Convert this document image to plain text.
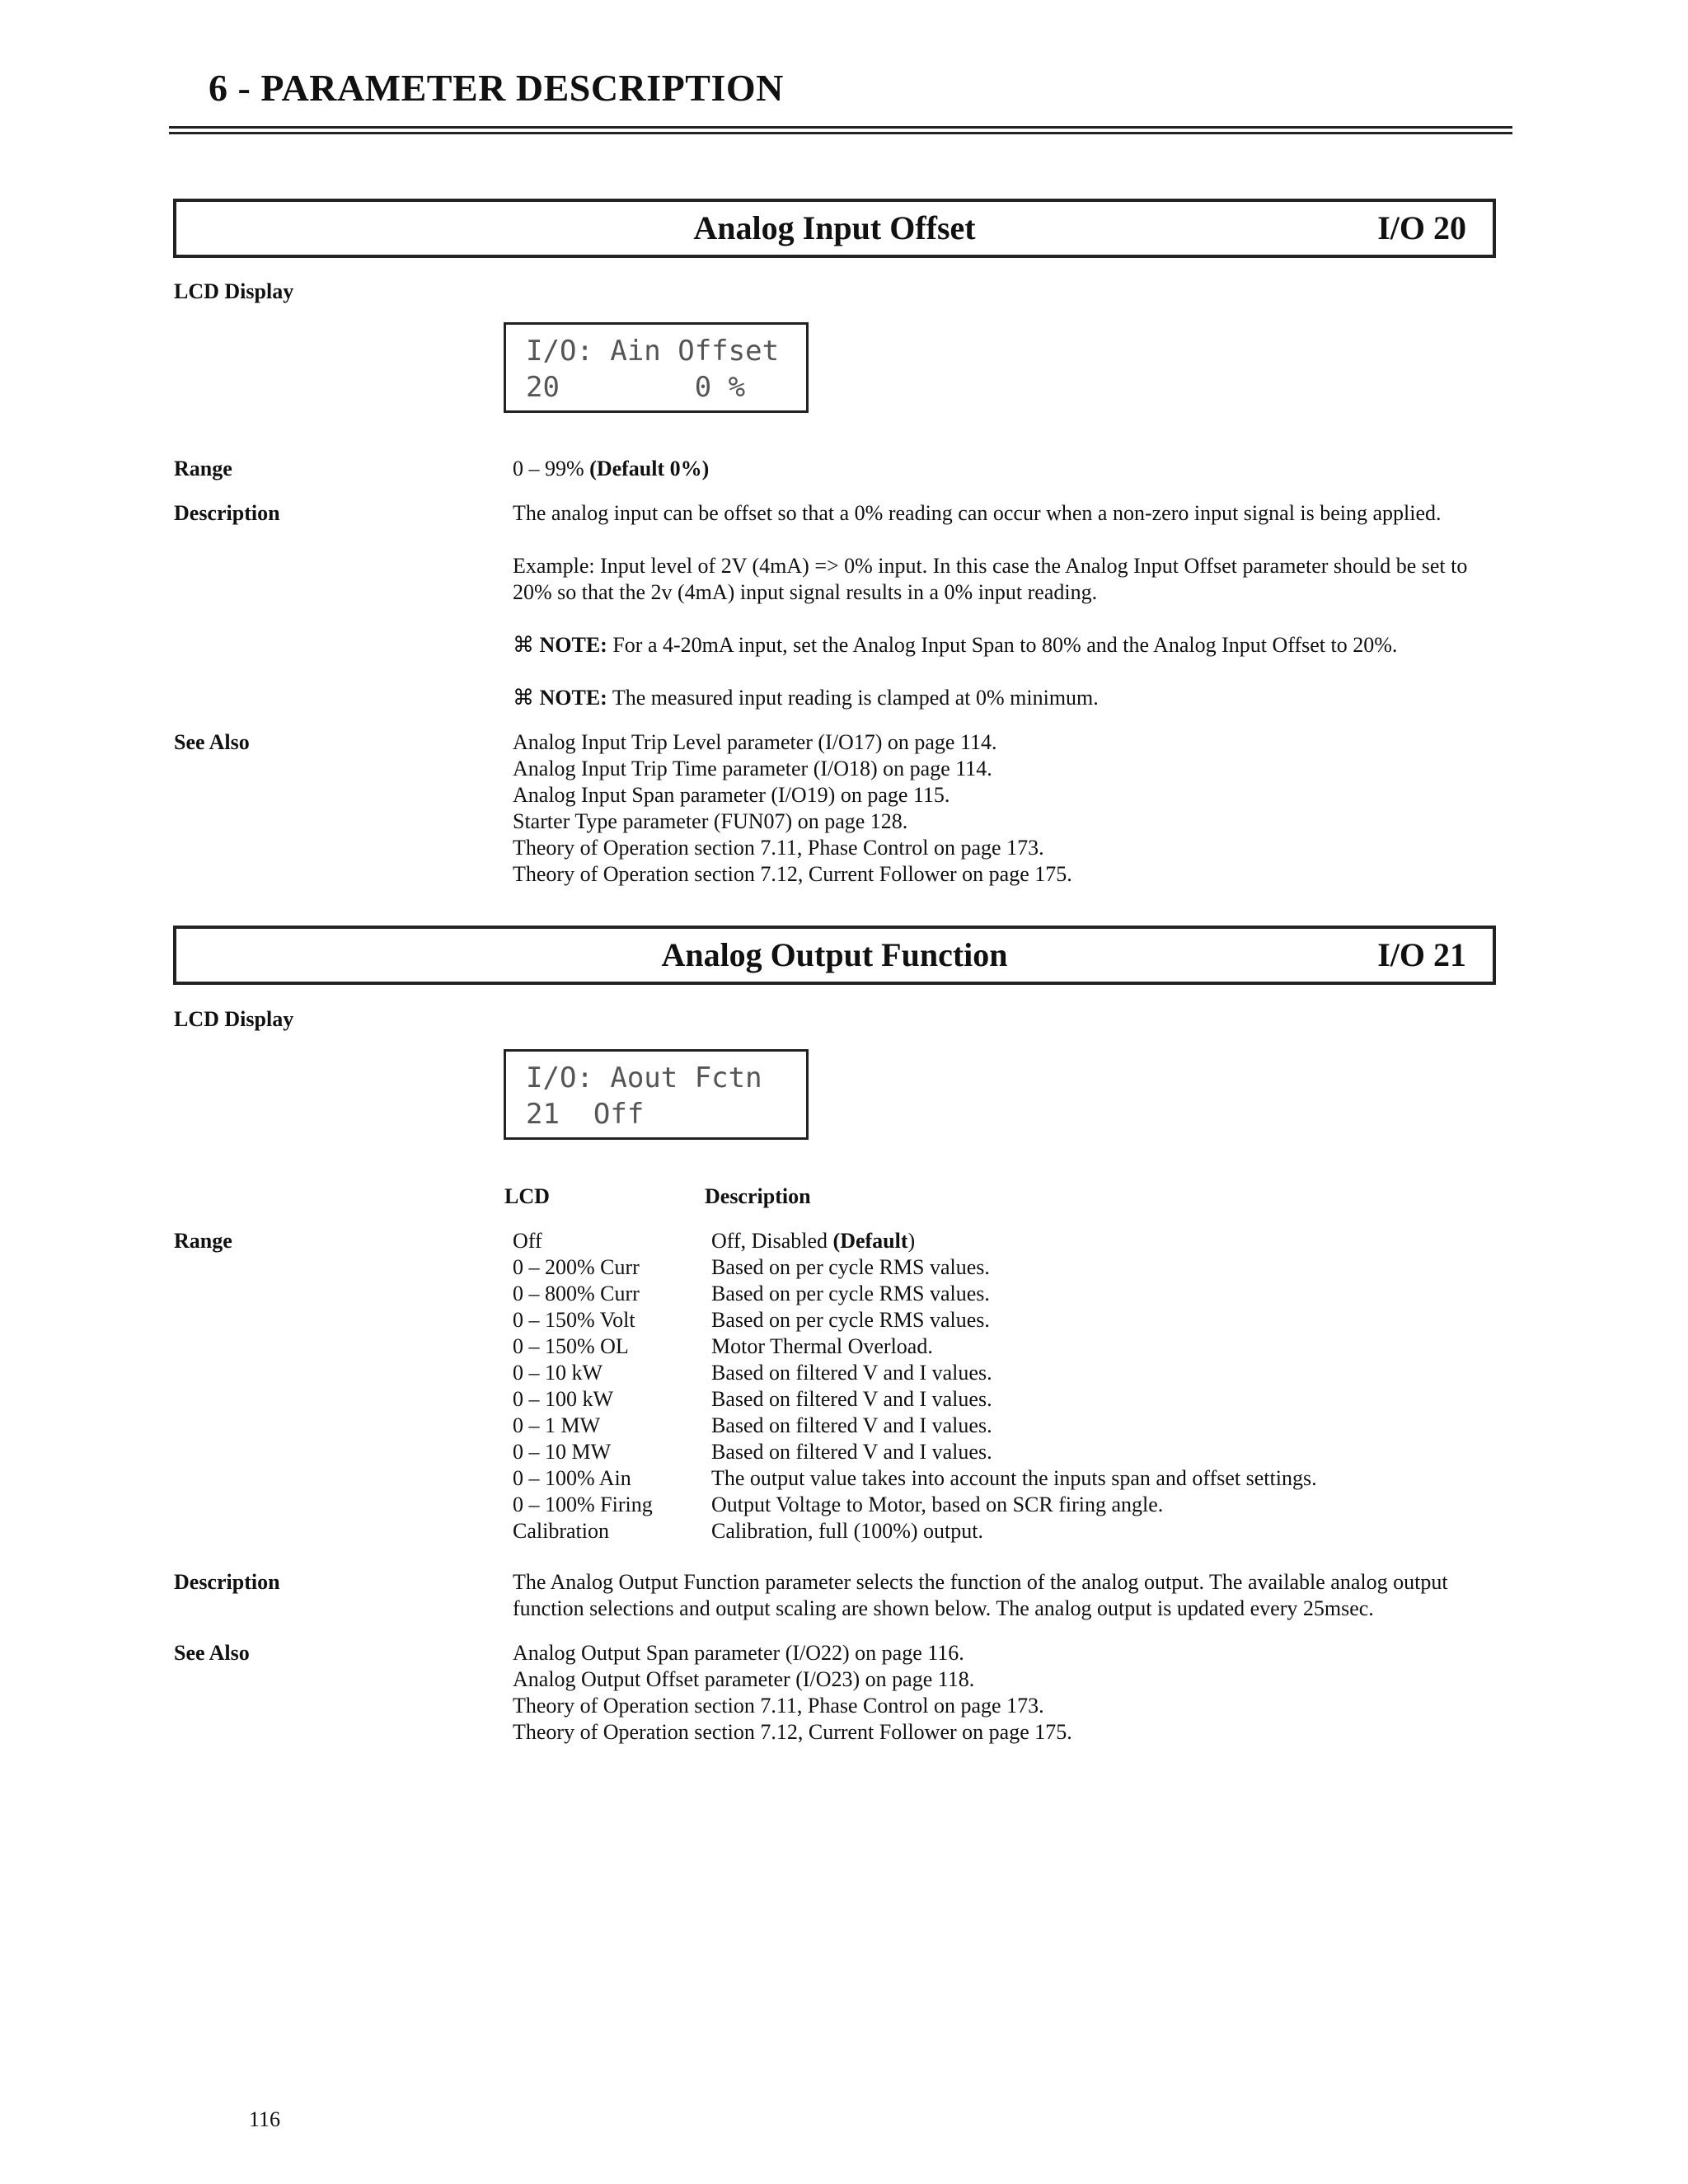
6 - PARAMETER DESCRIPTION
Analog Input Offset	I/O 20
LCD Display
I/O: Ain Offset
20        0 %
Range	0 – 99% (Default 0%)
Description	The analog input can be offset so that a 0% reading can occur when a non-zero input signal is being applied.
Example: Input level of 2V (4mA) => 0% input. In this case the Analog Input Offset parameter should be set to 20% so that the 2v (4mA) input signal results in a 0% input reading.
⌘ NOTE: For a 4-20mA input, set the Analog Input Span to 80% and the Analog Input Offset to 20%.
⌘ NOTE: The measured input reading is clamped at 0% minimum.
See Also	Analog Input Trip Level parameter (I/O17) on page 114.
Analog Input Trip Time parameter (I/O18) on page 114.
Analog Input Span parameter (I/O19) on page 115.
Starter Type parameter (FUN07) on page 128.
Theory of Operation section 7.11, Phase Control on page 173.
Theory of Operation section 7.12, Current Follower on page 175.
Analog Output Function	I/O 21
LCD Display
I/O: Aout Fctn
21  Off
LCD	Description
Range	Off	Off, Disabled (Default)
0 – 200% Curr	Based on per cycle RMS values.
0 – 800% Curr	Based on per cycle RMS values.
0 – 150% Volt	Based on per cycle RMS values.
0 – 150% OL	Motor Thermal Overload.
0 – 10 kW	Based on filtered V and I values.
0 – 100 kW	Based on filtered V and I values.
0 – 1 MW	Based on filtered V and I values.
0 – 10 MW	Based on filtered V and I values.
0 – 100% Ain	The output value takes into account the inputs span and offset settings.
0 – 100% Firing	Output Voltage to Motor, based on SCR firing angle.
Calibration	Calibration, full (100%) output.
Description	The Analog Output Function parameter selects the function of the analog output. The available analog output function selections and output scaling are shown below. The analog output is updated every 25msec.
See Also	Analog Output Span parameter (I/O22) on page 116.
Analog Output Offset parameter (I/O23) on page 118.
Theory of Operation section 7.11, Phase Control on page 173.
Theory of Operation section 7.12, Current Follower on page 175.
116
